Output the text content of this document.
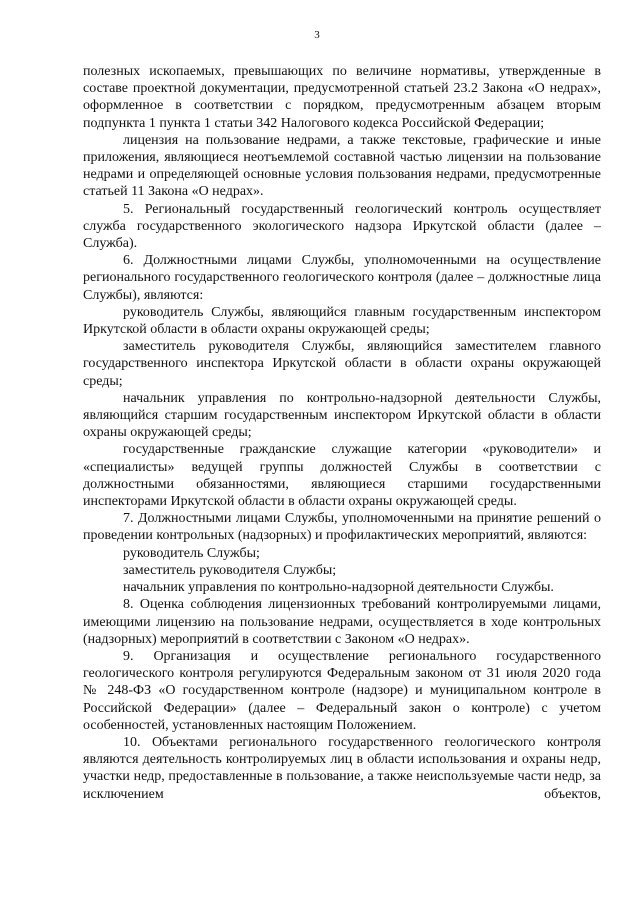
3

полезных ископаемых, превышающих по величине нормативы, утвержденные в составе проектной документации, предусмотренной статьей 23.2 Закона «О недрах», оформленное в соответствии с порядком, предусмотренным абзацем вторым подпункта 1 пункта 1 статьи 342 Налогового кодекса Российской Федерации;

лицензия на пользование недрами, а также текстовые, графические и иные приложения, являющиеся неотъемлемой составной частью лицензии на пользование недрами и определяющей основные условия пользования недрами, предусмотренные статьей 11 Закона «О недрах».

5. Региональный государственный геологический контроль осуществляет служба государственного экологического надзора Иркутской области (далее – Служба).

6. Должностными лицами Службы, уполномоченными на осуществление регионального государственного геологического контроля (далее – должностные лица Службы), являются:

руководитель Службы, являющийся главным государственным инспектором Иркутской области в области охраны окружающей среды;

заместитель руководителя Службы, являющийся заместителем главного государственного инспектора Иркутской области в области охраны окружающей среды;

начальник управления по контрольно-надзорной деятельности Службы, являющийся старшим государственным инспектором Иркутской области в области охраны окружающей среды;

государственные гражданские служащие категории «руководители» и «специалисты» ведущей группы должностей Службы в соответствии с должностными обязанностями, являющиеся старшими государственными инспекторами Иркутской области в области охраны окружающей среды.

7. Должностными лицами Службы, уполномоченными на принятие решений о проведении контрольных (надзорных) и профилактических мероприятий, являются:

руководитель Службы;

заместитель руководителя Службы;

начальник управления по контрольно-надзорной деятельности Службы.

8. Оценка соблюдения лицензионных требований контролируемыми лицами, имеющими лицензию на пользование недрами, осуществляется в ходе контрольных (надзорных) мероприятий в соответствии с Законом «О недрах».

9. Организация и осуществление регионального государственного геологического контроля регулируются Федеральным законом от 31 июля 2020 года № 248-ФЗ «О государственном контроле (надзоре) и муниципальном контроле в Российской Федерации» (далее – Федеральный закон о контроле) с учетом особенностей, установленных настоящим Положением.

10. Объектами регионального государственного геологического контроля являются деятельность контролируемых лиц в области использования и охраны недр, участки недр, предоставленные в пользование, а также неиспользуемые части недр, за исключением объектов,
